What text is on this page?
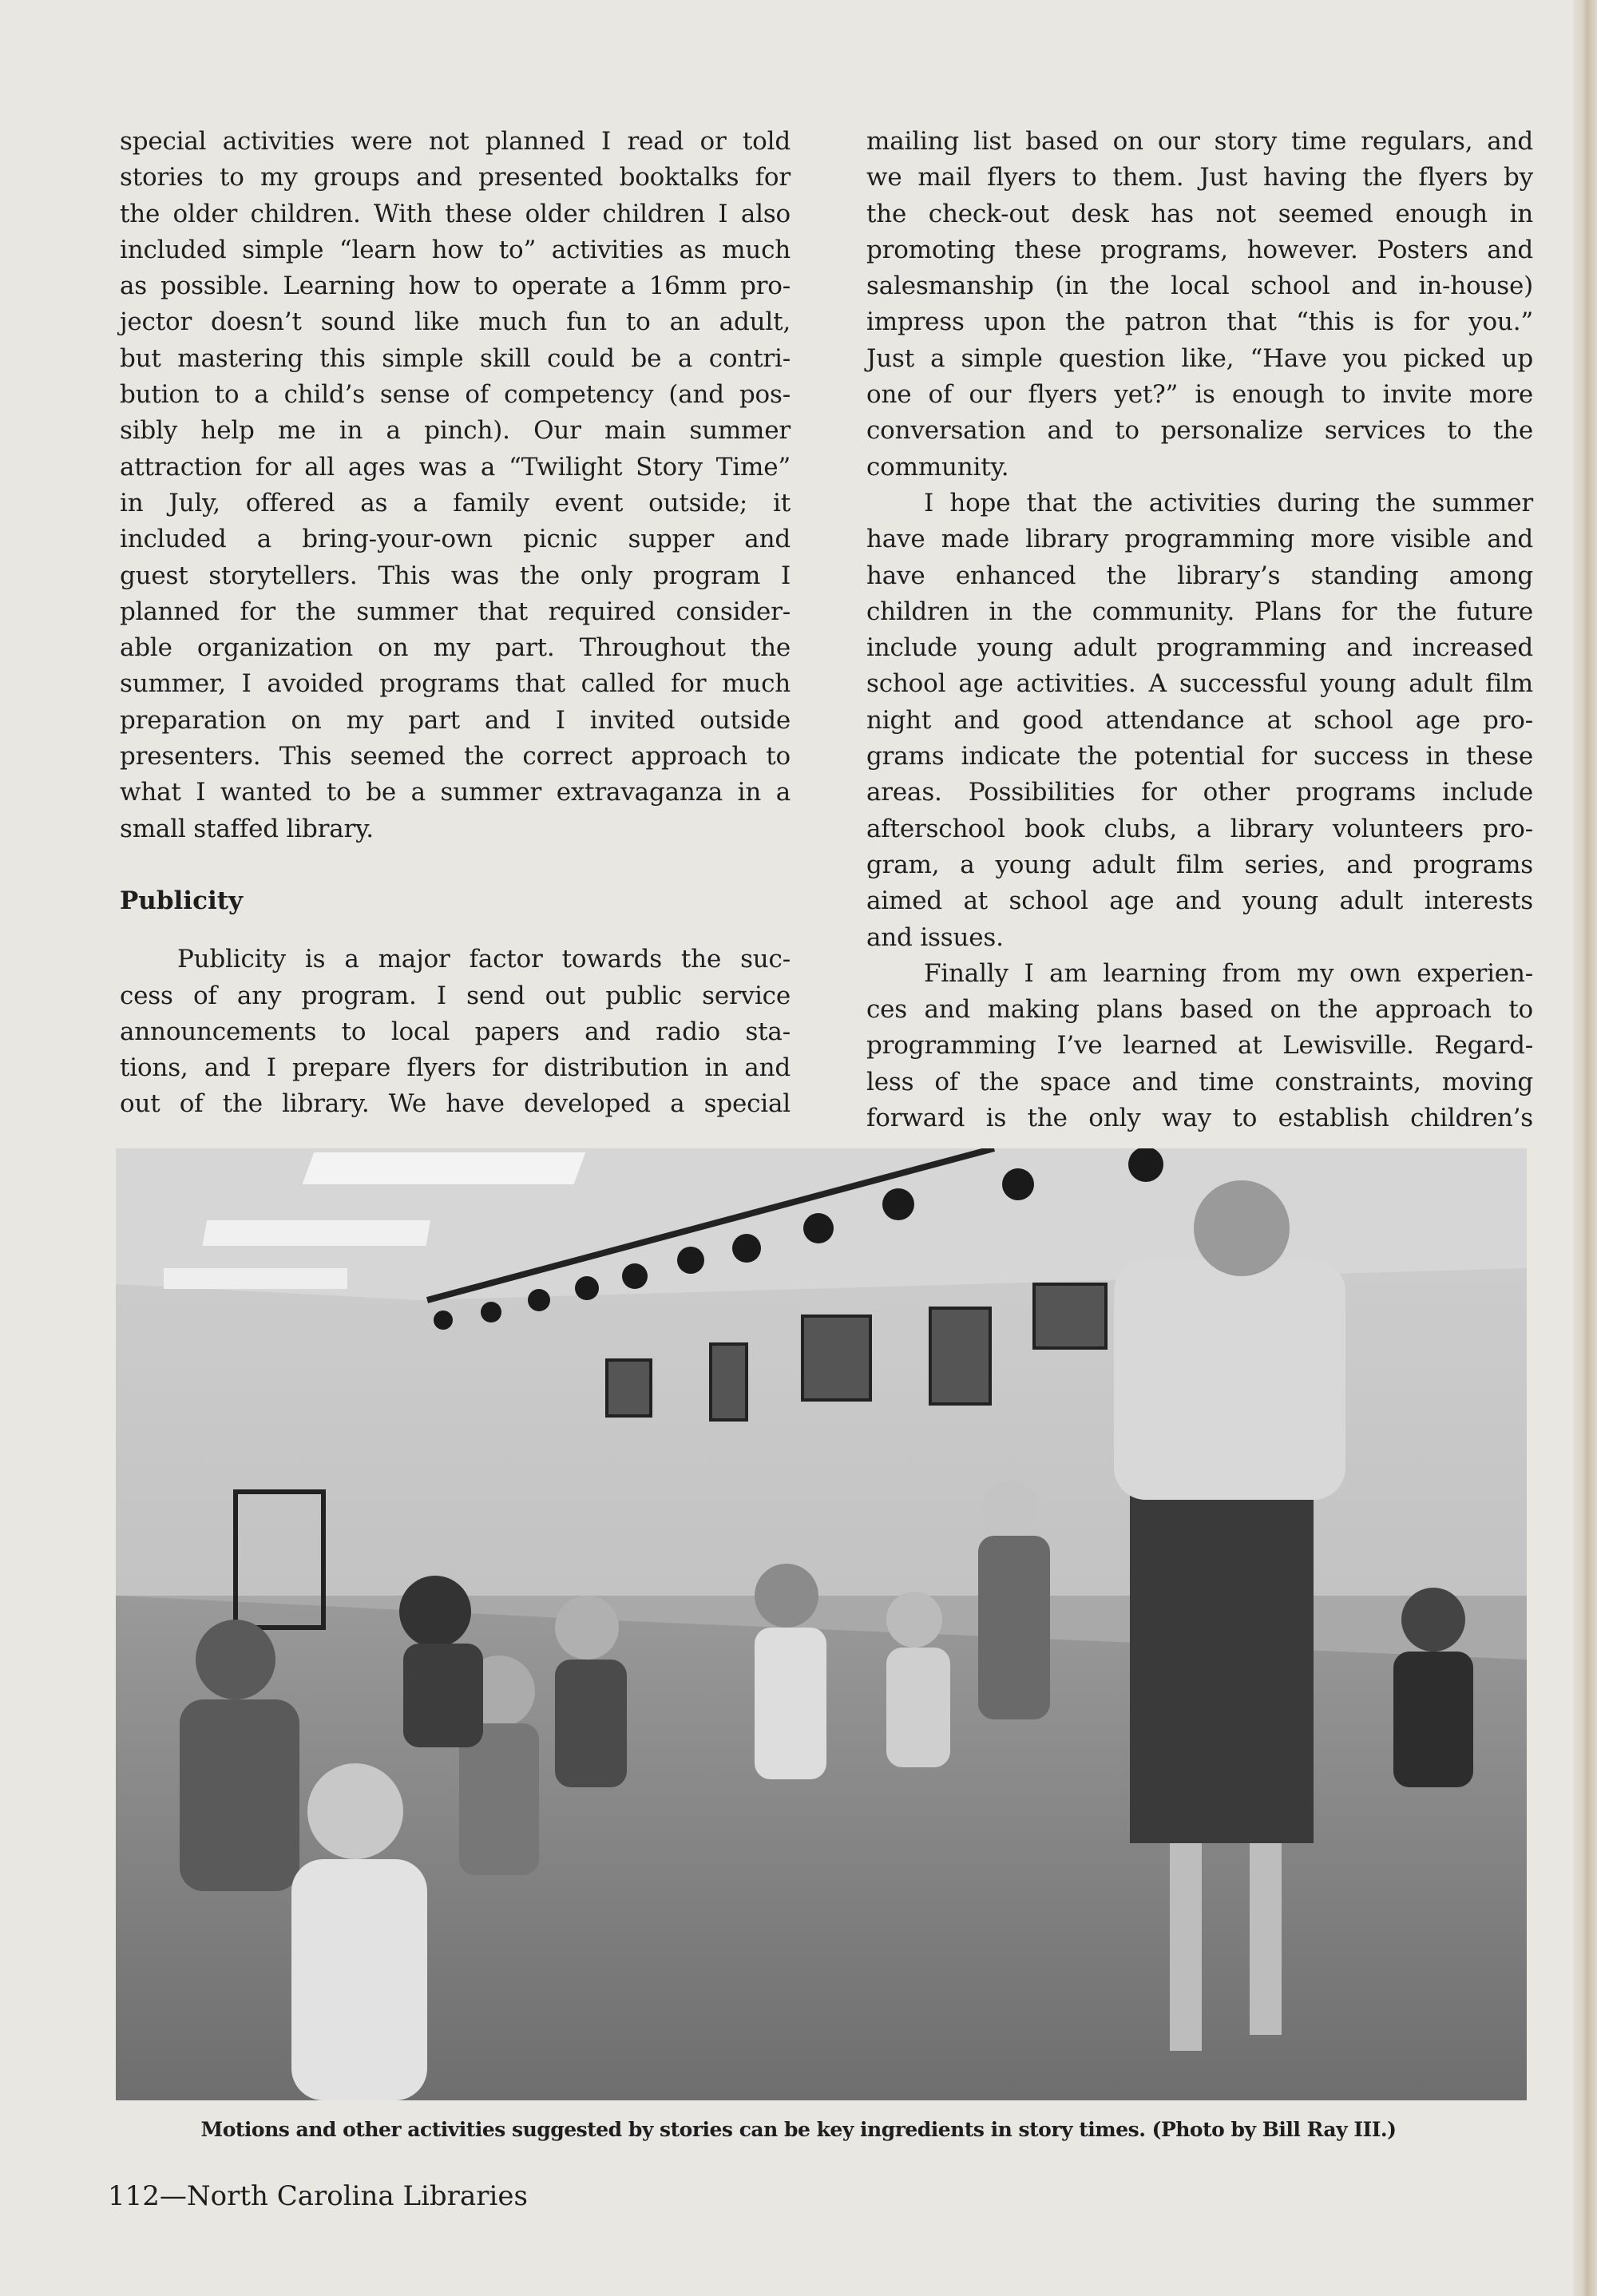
special activities were not planned I read or told
stories to my groups and presented booktalks for
the older children. With these older children I also
included simple “learn how to” activities as much
as possible. Learning how to operate a 16mm pro-
jector doesn’t sound like much fun to an adult,
but mastering this simple skill could be a contri-
bution to a child’s sense of competency (and pos-
sibly help me in a pinch). Our main summer
attraction for all ages was a “Twilight Story Time”
in July, offered as a family event outside; it
included a bring-your-own picnic supper and
guest storytellers. This was the only program I
planned for the summer that required consider-
able organization on my part. Throughout the
summer, I avoided programs that called for much
preparation on my part and I invited outside
presenters. This seemed the correct approach to
what I wanted to be a summer extravaganza in a
small staffed library.
Publicity
Publicity is a major factor towards the suc-
cess of any program. I send out public service
announcements to local papers and radio sta-
tions, and I prepare flyers for distribution in and
out of the library. We have developed a special
mailing list based on our story time regulars, and
we mail flyers to them. Just having the flyers by
the check-out desk has not seemed enough in
promoting these programs, however. Posters and
salesmanship (in the local school and in-house)
impress upon the patron that “this is for you.”
Just a simple question like, “Have you picked up
one of our flyers yet?” is enough to invite more
conversation and to personalize services to the
community.
I hope that the activities during the summer
have made library programming more visible and
have enhanced the library’s standing among
children in the community. Plans for the future
include young adult programming and increased
school age activities. A successful young adult film
night and good attendance at school age pro-
grams indicate the potential for success in these
areas. Possibilities for other programs include
afterschool book clubs, a library volunteers pro-
gram, a young adult film series, and programs
aimed at school age and young adult interests
and issues.
Finally I am learning from my own experien-
ces and making plans based on the approach to
programming I’ve learned at Lewisville. Regard-
less of the space and time constraints, moving
forward is the only way to establish children’s
Motions and other activities suggested by stories can be key ingredients in story times. (Photo by Bill Ray III.)
112—North Carolina Libraries
